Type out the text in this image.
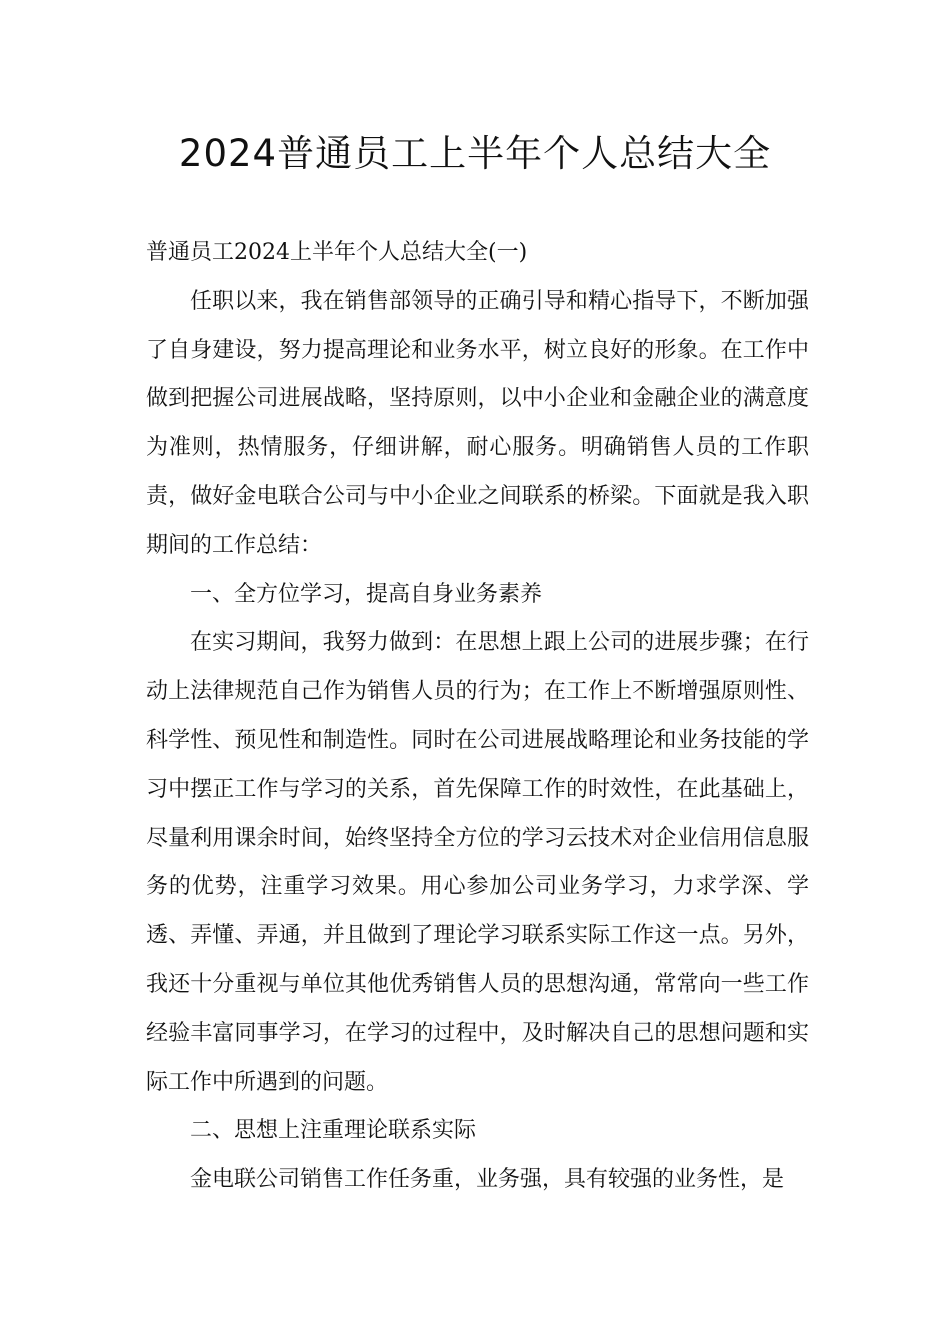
2024普通员工上半年个人总结大全

普通员工2024上半年个人总结大全(一)

任职以来，我在销售部领导的正确引导和精心指导下，不断加强了自身建设，努力提高理论和业务水平，树立良好的形象。在工作中做到把握公司进展战略，坚持原则，以中小企业和金融企业的满意度为准则，热情服务，仔细讲解，耐心服务。明确销售人员的工作职责，做好金电联合公司与中小企业之间联系的桥梁。下面就是我入职期间的工作总结：

一、全方位学习，提高自身业务素养

在实习期间，我努力做到：在思想上跟上公司的进展步骤；在行动上法律规范自己作为销售人员的行为；在工作上不断增强原则性、科学性、预见性和制造性。同时在公司进展战略理论和业务技能的学习中摆正工作与学习的关系，首先保障工作的时效性，在此基础上，尽量利用课余时间，始终坚持全方位的学习云技术对企业信用信息服务的优势，注重学习效果。用心参加公司业务学习，力求学深、学透、弄懂、弄通，并且做到了理论学习联系实际工作这一点。另外，我还十分重视与单位其他优秀销售人员的思想沟通，常常向一些工作经验丰富同事学习，在学习的过程中，及时解决自己的思想问题和实际工作中所遇到的问题。

二、思想上注重理论联系实际

金电联公司销售工作任务重，业务强，具有较强的业务性，是
